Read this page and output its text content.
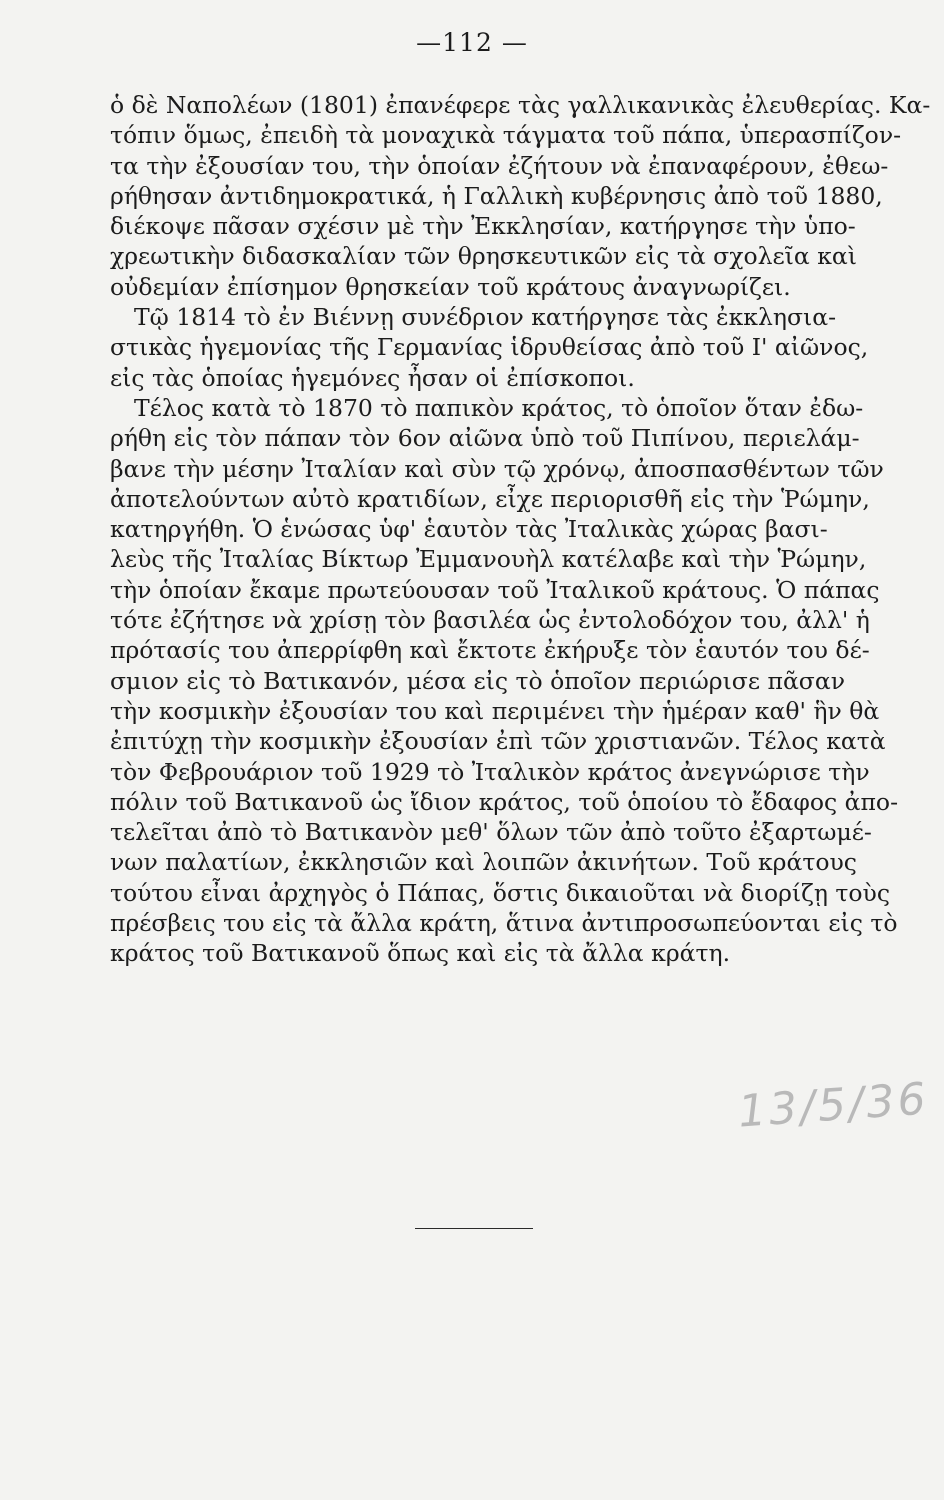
—112 —
ὁ δὲ Ναπολέων (1801) ἐπανέφερε τὰς γαλλικανικὰς ἐλευθερίας. Κα-
τόπιν ὅμως, ἐπειδὴ τὰ μοναχικὰ τάγματα τοῦ πάπα, ὑπερασπίζον-
τα τὴν ἐξουσίαν του, τὴν ὁποίαν ἐζήτουν νὰ ἐπαναφέρουν, ἐθεω-
ρήθησαν ἀντιδημοκρατικά, ἡ Γαλλικὴ κυβέρνησις ἀπὸ τοῦ 1880,
διέκοψε πᾶσαν σχέσιν μὲ τὴν Ἐκκλησίαν, κατήργησε τὴν ὑπο-
χρεωτικὴν διδασκαλίαν τῶν θρησκευτικῶν εἰς τὰ σχολεῖα καὶ
οὐδεμίαν ἐπίσημον θρησκείαν τοῦ κράτους ἀναγνωρίζει.
Τῷ 1814 τὸ ἐν Βιέννῃ συνέδριον κατήργησε τὰς ἐκκλησια-
στικὰς ἡγεμονίας τῆς Γερμανίας ἱδρυθείσας ἀπὸ τοῦ Ι' αἰῶνος,
εἰς τὰς ὁποίας ἡγεμόνες ἦσαν οἱ ἐπίσκοποι.
Τέλος κατὰ τὸ 1870 τὸ παπικὸν κράτος, τὸ ὁποῖον ὅταν ἐδω-
ρήθη εἰς τὸν πάπαν τὸν 6ον αἰῶνα ὑπὸ τοῦ Πιπίνου, περιελάμ-
βανε τὴν μέσην Ἰταλίαν καὶ σὺν τῷ χρόνῳ, ἀποσπασθέντων τῶν
ἀποτελούντων αὐτὸ κρατιδίων, εἶχε περιορισθῆ εἰς τὴν Ῥώμην,
κατηργήθη. Ὁ ἑνώσας ὑφ' ἑαυτὸν τὰς Ἰταλικὰς χώρας βασι-
λεὺς τῆς Ἰταλίας Βίκτωρ Ἐμμανουὴλ κατέλαβε καὶ τὴν Ῥώμην,
τὴν ὁποίαν ἔκαμε πρωτεύουσαν τοῦ Ἰταλικοῦ κράτους. Ὁ πάπας
τότε ἐζήτησε νὰ χρίσῃ τὸν βασιλέα ὡς ἐντολοδόχον του, ἀλλ' ἡ
πρότασίς του ἀπερρίφθη καὶ ἔκτοτε ἐκήρυξε τὸν ἑαυτόν του δέ-
σμιον εἰς τὸ Βατικανόν, μέσα εἰς τὸ ὁποῖον περιώρισε πᾶσαν
τὴν κοσμικὴν ἐξουσίαν του καὶ περιμένει τὴν ἡμέραν καθ' ἣν θὰ
ἐπιτύχῃ τὴν κοσμικὴν ἐξουσίαν ἐπὶ τῶν χριστιανῶν. Τέλος κατὰ
τὸν Φεβρουάριον τοῦ 1929 τὸ Ἰταλικὸν κράτος ἀνεγνώρισε τὴν
πόλιν τοῦ Βατικανοῦ ὡς ἴδιον κράτος, τοῦ ὁποίου τὸ ἔδαφος ἀπο-
τελεῖται ἀπὸ τὸ Βατικανὸν μεθ' ὅλων τῶν ἀπὸ τοῦτο ἐξαρτωμέ-
νων παλατίων, ἐκκλησιῶν καὶ λοιπῶν ἀκινήτων. Τοῦ κράτους
τούτου εἶναι ἀρχηγὸς ὁ Πάπας, ὅστις δικαιοῦται νὰ διορίζῃ τοὺς
πρέσβεις του εἰς τὰ ἄλλα κράτη, ἅτινα ἀντιπροσωπεύονται εἰς τὸ
κράτος τοῦ Βατικανοῦ ὅπως καὶ εἰς τὰ ἄλλα κράτη.
13/5/36
